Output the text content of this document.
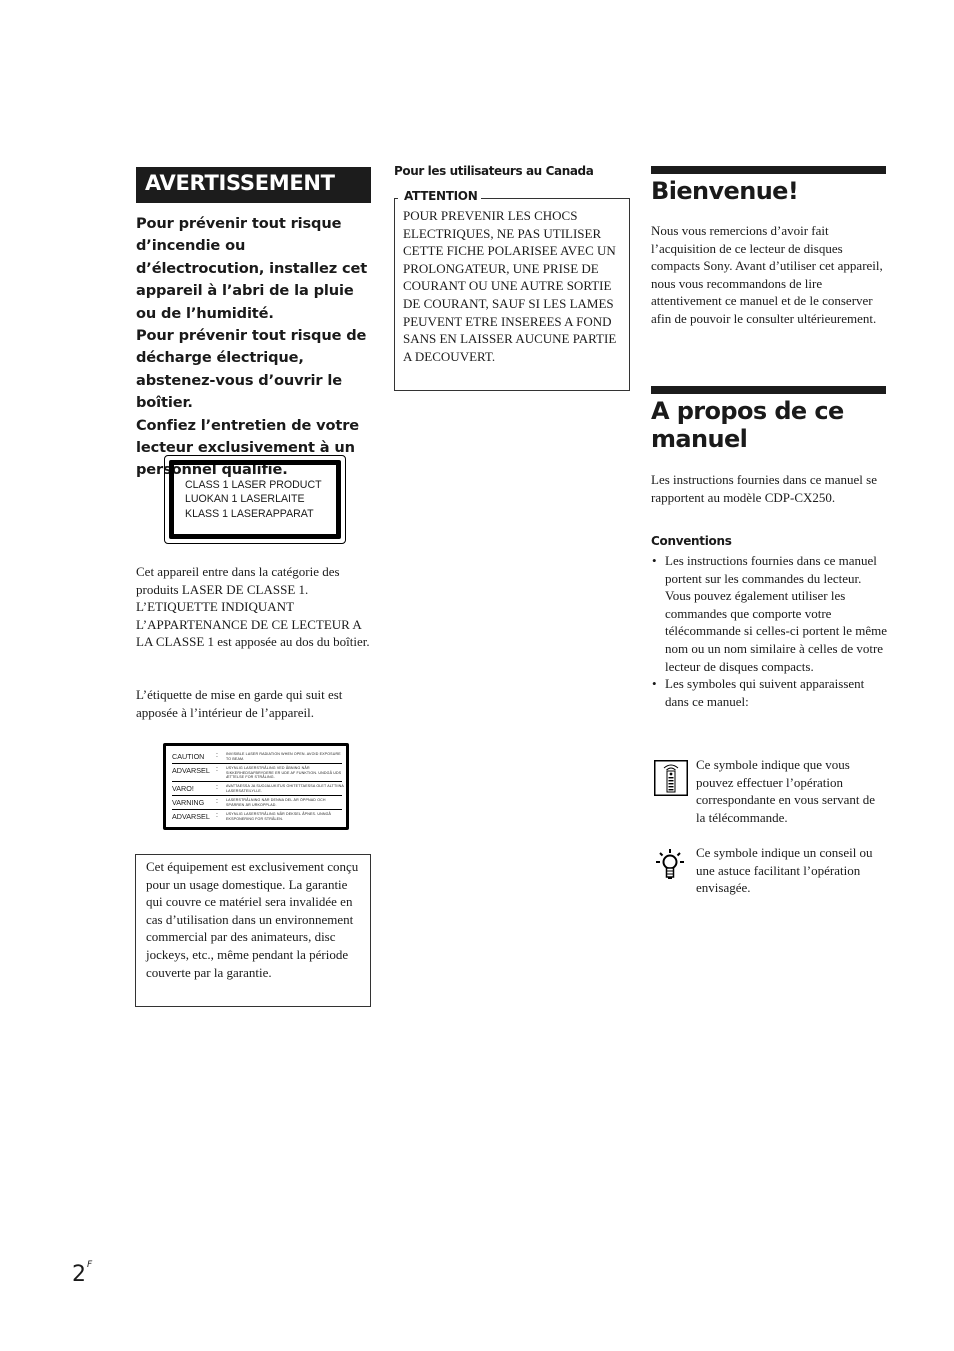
AVERTISSEMENT

Pour prévenir tout risque d’incendie ou d’électrocution, installez cet appareil à l’abri de la pluie ou de l’humidité.

Pour prévenir tout risque de décharge électrique, abstenez-vous d’ouvrir le boîtier.

Confiez l’entretien de votre lecteur exclusivement à un personnel qualifié.

CLASS 1 LASER PRODUCT
LUOKAN 1 LASERLAITE
KLASS 1 LASERAPPARAT
Cet appareil entre dans la catégorie des produits LASER DE CLASSE 1. L’ETIQUETTE INDIQUANT L’APPARTENANCE DE CE LECTEUR A LA CLASSE 1 est apposée au dos du boîtier.
L’étiquette de mise en garde qui suit est apposée à l’intérieur de l’appareil.
CAUTION : INVISIBLE LASER RADIATION WHEN OPEN. AVOID EXPOSURE TO BEAM.
ADVARSEL : USYNLIG LASERSTRÅLING VED ÅBNING NÅR SIKKERHEDSAFBRYDERE ER UDE AF FUNKTION. UNDGÅ UDS ÆTTELSE FOR STRÅLING.
VARO!	: AVATTAESSA JA SUOJALUKITUS OHITETTAESSA OLET ALTTIINA LASERSÄTEILYLLE.
VARNING : LASERSTRÅLNING NÄR DENNA DEL ÄR ÖPPNAD OCH SPÄRREN ÄR URKOPPLAD.
ADVARSEL : USYNLIG LASERSTRÅLING NÅR DEKSEL ÅPNES. UNNGÅ EKSPONERING FOR STRÅLEN.
Cet équipement est exclusivement conçu pour un usage domestique. La garantie qui couvre ce matériel sera invalidée en cas d’utilisation dans un environnement commercial par des animateurs, disc jockeys, etc., même pendant la période couverte par la garantie.
Pour les utilisateurs au Canada
ATTENTION
POUR PREVENIR LES CHOCS ELECTRIQUES, NE PAS UTILISER CETTE FICHE POLARISEE AVEC UN PROLONGATEUR, UNE PRISE DE COURANT OU UNE AUTRE SORTIE DE COURANT, SAUF SI LES LAMES PEUVENT ETRE INSEREES A FOND SANS EN LAISSER AUCUNE PARTIE A DECOUVERT.
Bienvenue!
Nous vous remercions d’avoir fait l’acquisition de ce lecteur de disques compacts Sony. Avant d’utiliser cet appareil, nous vous recommandons de lire attentivement ce manuel et de le conserver afin de pouvoir le consulter ultérieurement.
A propos de ce manuel
Les instructions fournies dans ce manuel se rapportent au modèle CDP-CX250.
Conventions
• Les instructions fournies dans ce manuel portent sur les commandes du lecteur.

Vous pouvez également utiliser les commandes que comporte votre télécommande si celles-ci portent le même nom ou un nom similaire à celles de votre lecteur de disques compacts.

• Les symboles qui suivent apparaissent dans ce manuel:

Ce symbole indique que vous pouvez effectuer l’opération correspondante en vous servant de la télécommande.
Ce symbole indique un conseil ou une astuce facilitant l’opération envisagée.
$2^F$
